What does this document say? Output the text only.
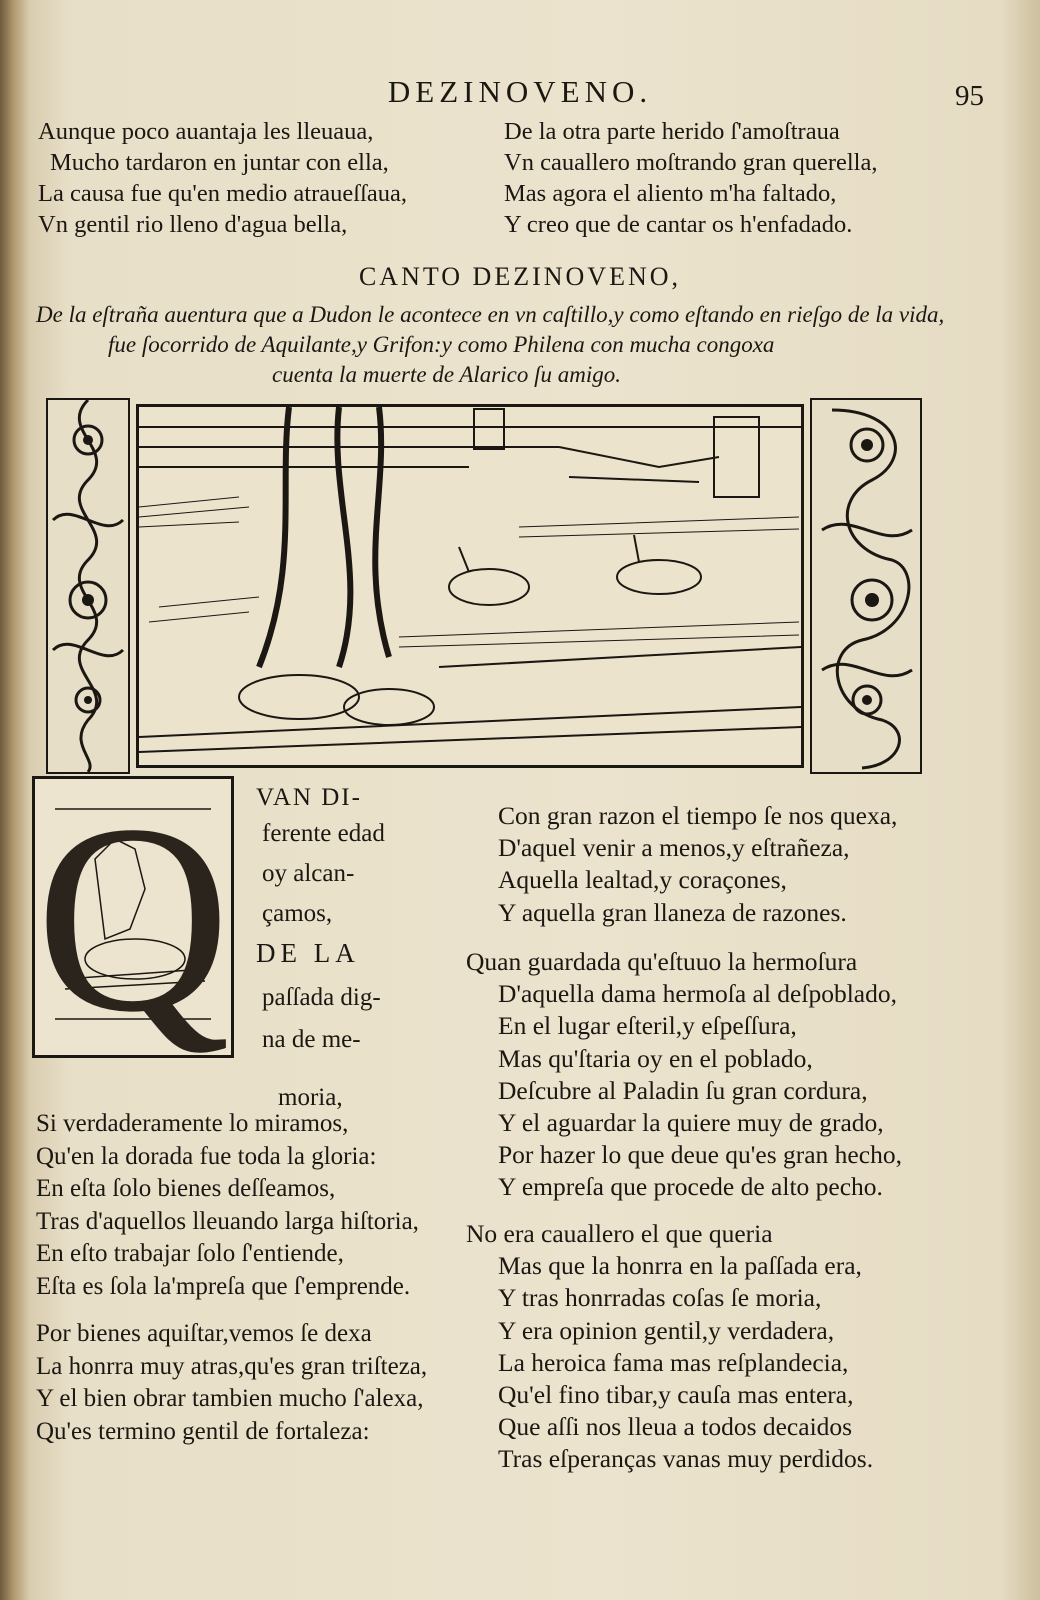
DEZINOVENO.	95
Aunque poco auantaja les lleuaua,
Mucho tardaron en juntar con ella,
La causa fue qu'en medio atraueſſaua,
Vn gentil rio lleno d'agua bella,
De la otra parte herido ſ'amoſtraua
Vn cauallero moſtrando gran querella,
Mas agora el aliento m'ha faltado,
Y creo que de cantar os h'enfadado.
CANTO DEZINOVENO,
De la eſtraña auentura que a Dudon le acontece en vn caſtillo,y como eſtando en rieſgo de la vida,
fue ſocorrido de Aquilante,y Grifon:y como Philena con mucha congoxa
cuenta la muerte de Alarico ſu amigo.
Q VAN DI-
ferente edad
oy alcan-
çamos,
DE LA
paſſada dig-
na de me-
moria,
Si verdaderamente lo miramos,
Qu'en la dorada fue toda la gloria:
En eſta ſolo bienes deſſeamos,
Tras d'aquellos lleuando larga hiſtoria,
En eſto trabajar ſolo ſ'entiende,
Eſta es ſola la'mpreſa que ſ'emprende.
Por bienes aquiſtar,vemos ſe dexa
La honrra muy atras,qu'es gran triſteza,
Y el bien obrar tambien mucho ſ'alexa,
Qu'es termino gentil de fortaleza:
Con gran razon el tiempo ſe nos quexa,
D'aquel venir a menos,y eſtrañeza,
Aquella lealtad,y coraçones,
Y aquella gran llaneza de razones.
Quan guardada qu'eſtuuo la hermoſura
D'aquella dama hermoſa al deſpoblado,
En el lugar eſteril,y eſpeſſura,
Mas qu'ſtaria oy en el poblado,
Deſcubre al Paladin ſu gran cordura,
Y el aguardar la quiere muy de grado,
Por hazer lo que deue qu'es gran hecho,
Y empreſa que procede de alto pecho.
No era cauallero el que queria
Mas que la honrra en la paſſada era,
Y tras honrradas coſas ſe moria,
Y era opinion gentil,y verdadera,
La heroica fama mas reſplandecia,
Qu'el fino tibar,y cauſa mas entera,
Que aſſi nos lleua a todos decaidos
Tras eſperanças vanas muy perdidos.
